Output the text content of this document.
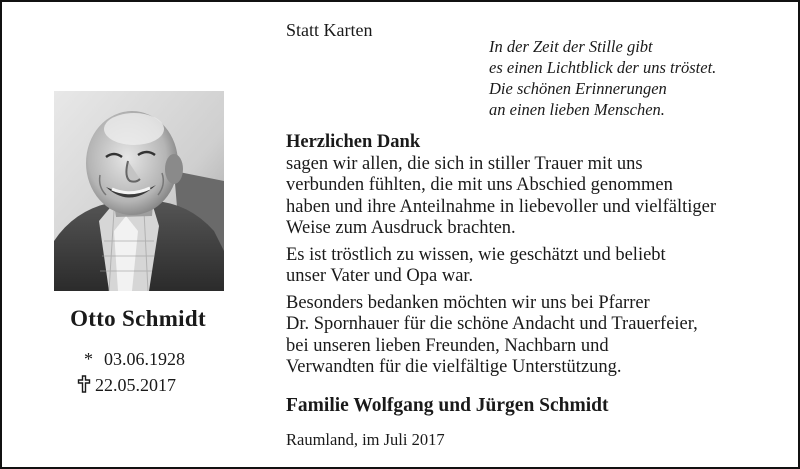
Otto Schmidt
* 03.06.1928
22.05.2017
Statt Karten
In der Zeit der Stille gibt
es einen Lichtblick der uns tröstet.
Die schönen Erinnerungen
an einen lieben Menschen.
Herzlichen Dank
sagen wir allen, die sich in stiller Trauer mit uns
verbunden fühlten, die mit uns Abschied genommen
haben und ihre Anteilnahme in liebevoller und vielfältiger
Weise zum Ausdruck brachten.
Es ist tröstlich zu wissen, wie geschätzt und beliebt
unser Vater und Opa war.
Besonders bedanken möchten wir uns bei Pfarrer
Dr. Spornhauer für die schöne Andacht und Trauerfeier,
bei unseren lieben Freunden, Nachbarn und
Verwandten für die vielfältige Unterstützung.
Familie Wolfgang und Jürgen Schmidt
Raumland, im Juli 2017
